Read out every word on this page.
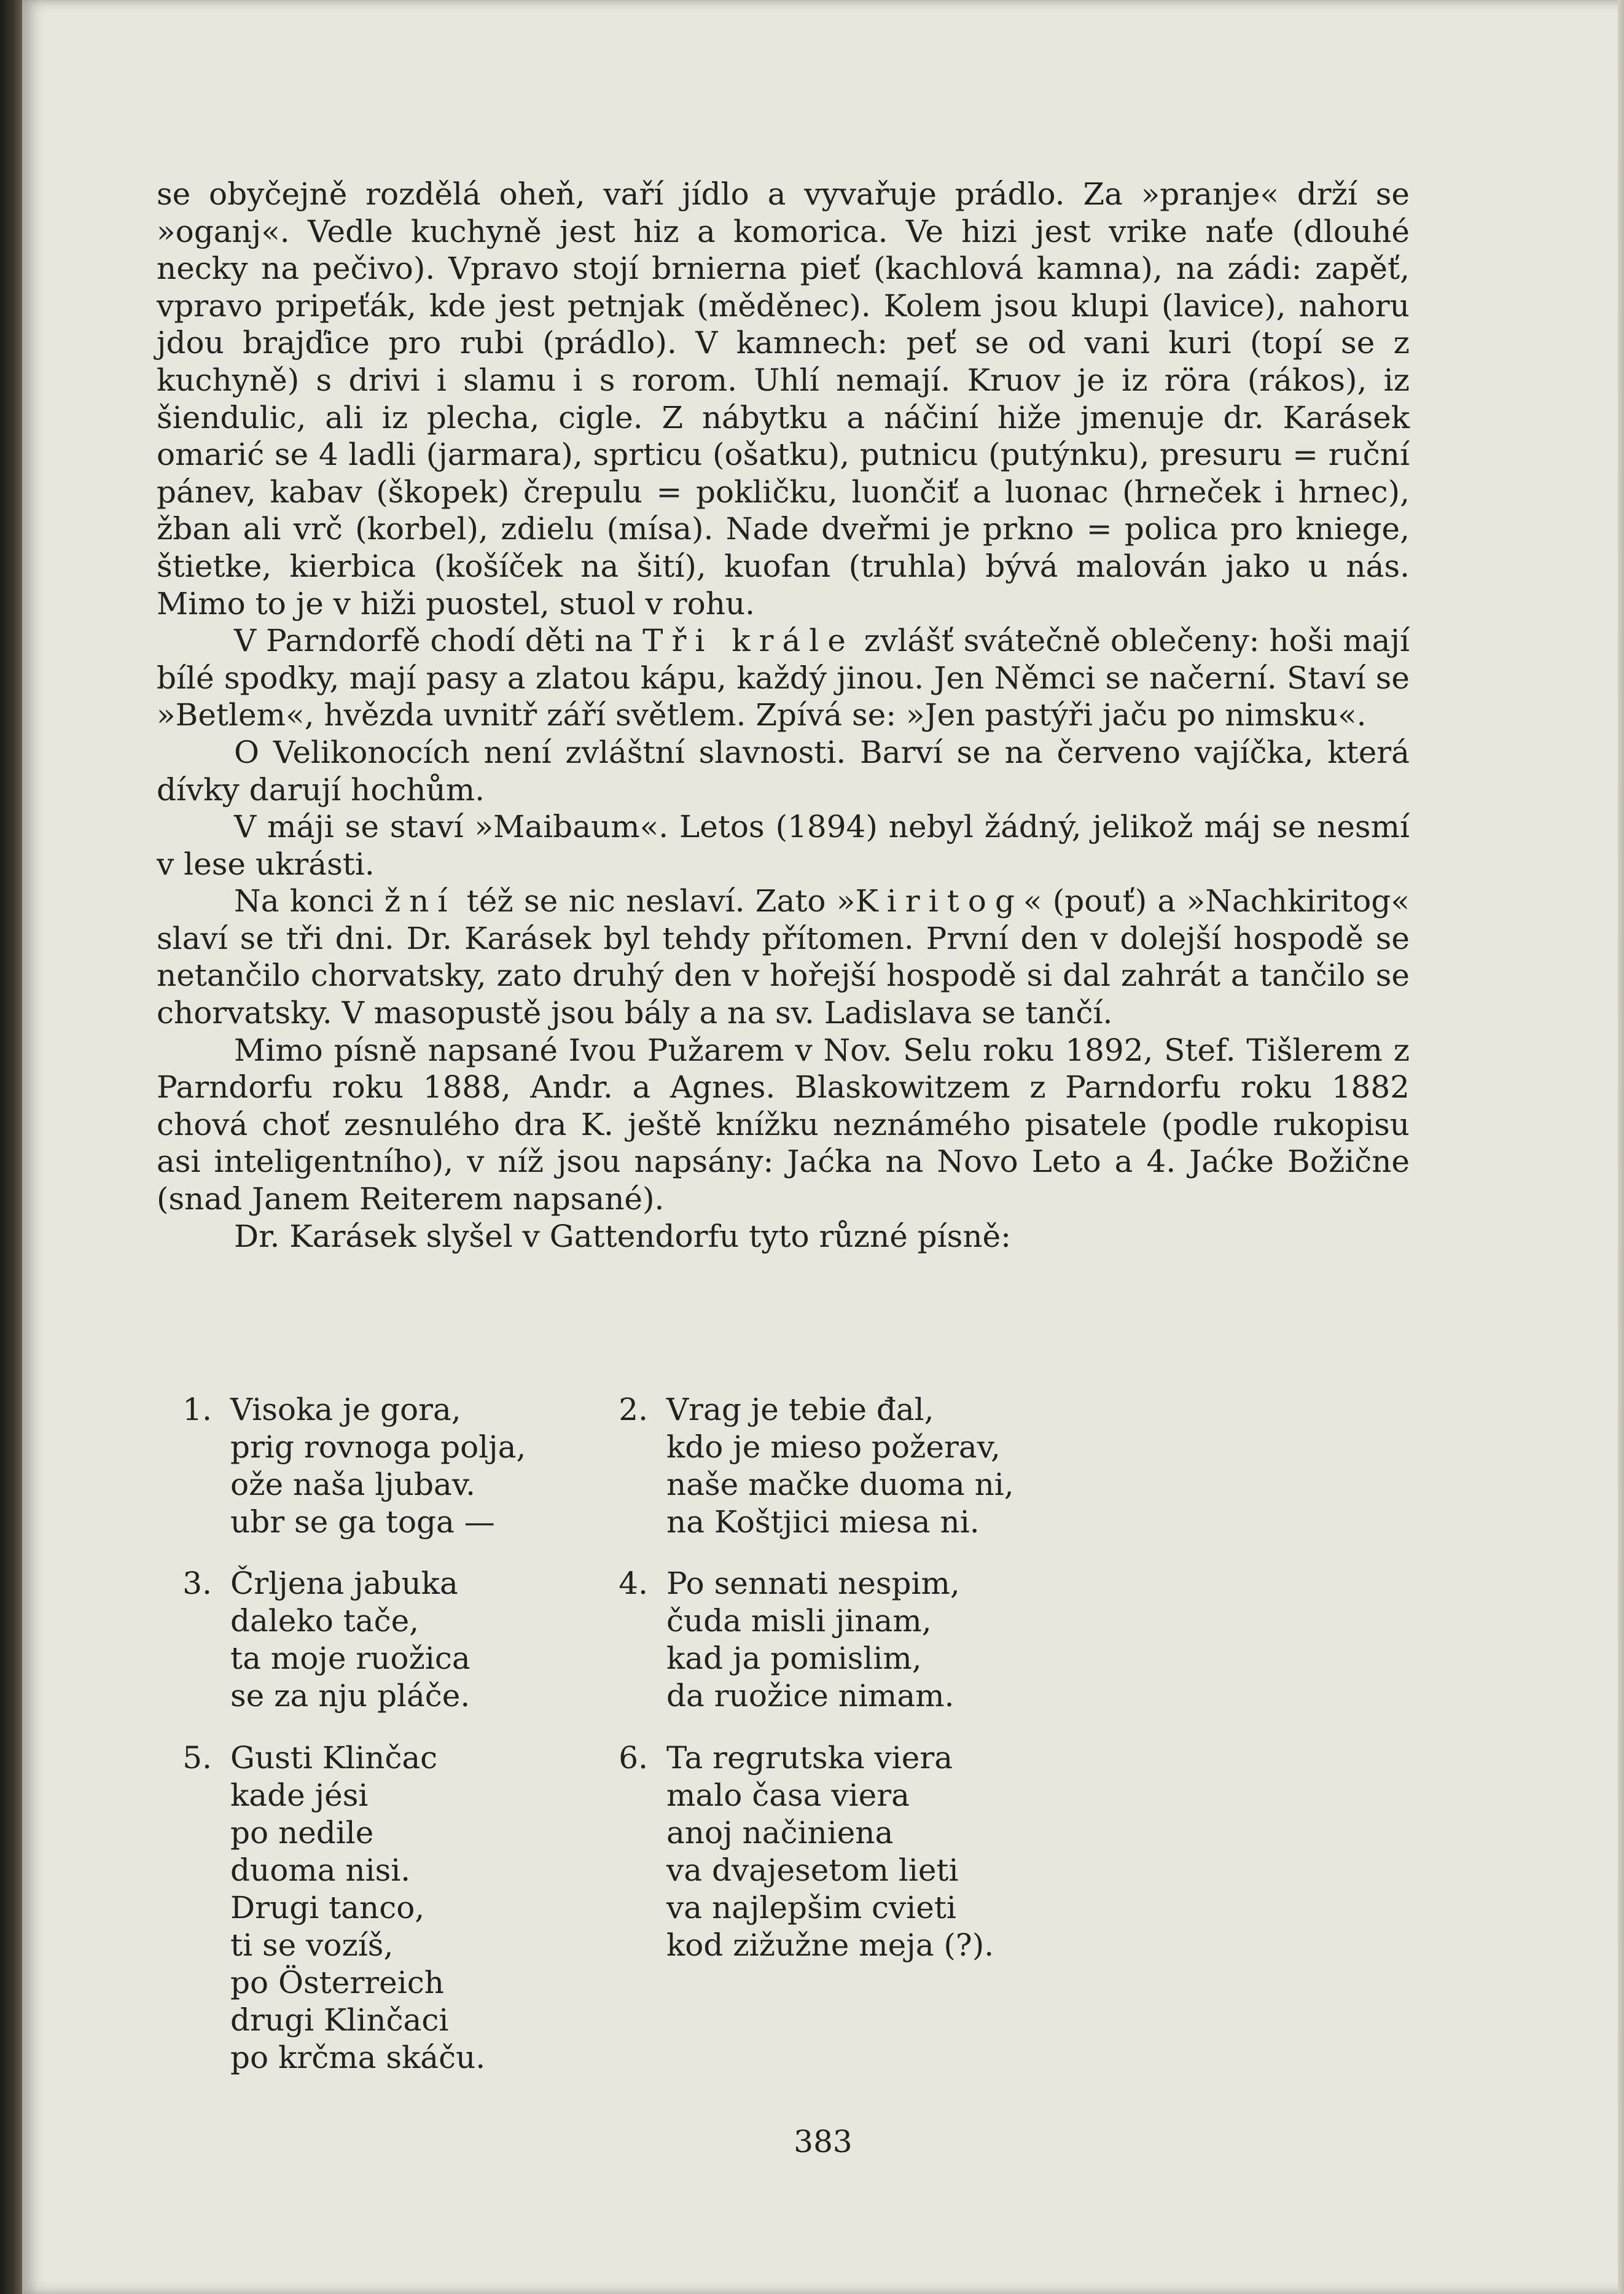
se obyčejně rozdělá oheň, vaří jídlo a vyvařuje prádlo. Za »pranje« drží se »oganj«. Vedle kuchyně jest hiz a komorica. Ve hizi jest vrike naťe (dlouhé necky na pečivo). Vpravo stojí brnierna pieť (kachlová kamna), na zádi: zapěť, vpravo pripeťák, kde jest petnjak (měděnec). Kolem jsou klupi (lavice), nahoru jdou brajďice pro rubi (prádlo). V kamnech: peť se od vani kuri (topí se z kuchyně) s drivi i slamu i s rorom. Uhlí nemají. Kruov je iz röra (rákos), iz šiendulic, ali iz plecha, cigle. Z nábytku a náčiní hiže jmenuje dr. Karásek omarić se 4 ladli (jarmara), sprticu (ošatku), putnicu (putýnku), presuru = ruční pánev, kabav (škopek) črepulu = pokličku, luončiť a luonac (hrneček i hrnec), žban ali vrč (korbel), zdielu (mísa). Nade dveřmi je prkno = polica pro kniege, štietke, kierbica (košíček na šití), kuofan (truhla) bývá malován jako u nás. Mimo to je v hiži puostel, stuol v rohu.

V Parndorfě chodí děti na Tři krále zvlášť svátečně oblečeny: hoši mají bílé spodky, mají pasy a zlatou kápu, každý jinou. Jen Němci se načerní. Staví se »Betlem«, hvězda uvnitř září světlem. Zpívá se: »Jen pastýři jaču po nimsku«.

O Velikonocích není zvláštní slavnosti. Barví se na červeno vajíčka, která dívky darují hochům.

V máji se staví »Maibaum«. Letos (1894) nebyl žádný, jelikož máj se nesmí v lese ukrásti.

Na konci žní též se nic neslaví. Zato »Kiritog« (pouť) a »Nachkiritog« slaví se tři dni. Dr. Karásek byl tehdy přítomen. První den v dolejší hospodě se netančilo chorvatsky, zato druhý den v hořejší hospodě si dal zahrát a tančilo se chorvatsky. V masopustě jsou bály a na sv. Ladislava se tančí.

Mimo písně napsané Ivou Pužarem v Nov. Selu roku 1892, Stef. Tišlerem z Parndorfu roku 1888, Andr. a Agnes. Blaskowitzem z Parndorfu roku 1882 chová choť zesnulého dra K. ještě knížku neznámého pisatele (podle rukopisu asi inteligentního), v níž jsou napsány: Jaćka na Novo Leto a 4. Jaćke Božične (snad Janem Reiterem napsané).

Dr. Karásek slyšel v Gattendorfu tyto různé písně:

1. Visoka je gora,
prig rovnoga polja,
ože naša ljubav.
ubr se ga toga —
2. Vrag je tebie đal,
kdo je mieso požerav,
naše mačke duoma ni,
na Koštjici miesa ni.
3. Črljena jabuka
daleko tače,
ta moje ruožica
se za nju pláče.
4. Po sennati nespim,
čuda misli jinam,
kad ja pomislim,
da ruožice nimam.
5. Gusti Klinčac
kade jési
po nedile
duoma nisi.
Drugi tanco,
ti se vozíš,
po Österreich
drugi Klinčaci
po krčma skáču.
6. Ta regrutska viera
malo časa viera
anoj načiniena
va dvajesetom lieti
va najlepšim cvieti
kod zižužne meja (?).
383
